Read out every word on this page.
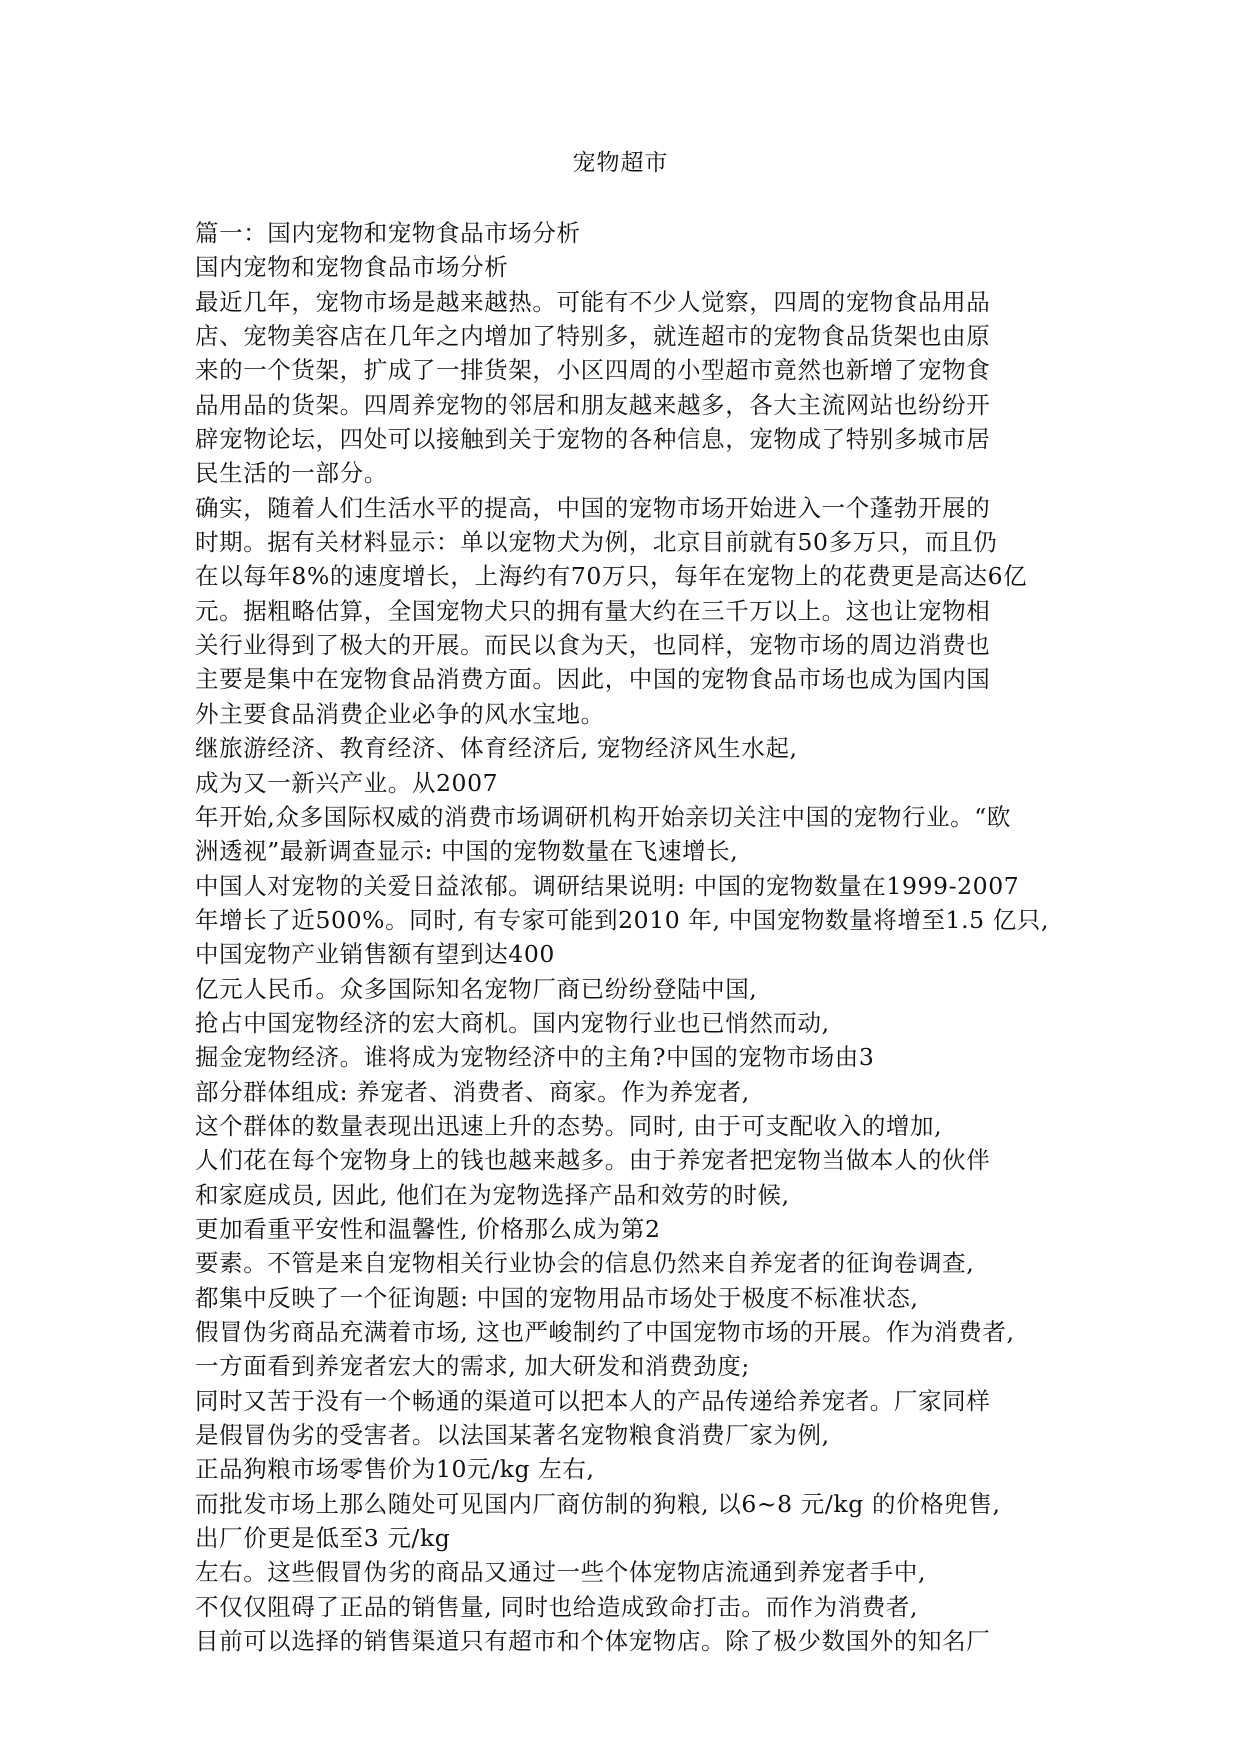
宠物超市
篇一：国内宠物和宠物食品市场分析
国内宠物和宠物食品市场分析
最近几年，宠物市场是越来越热。可能有不少人觉察，四周的宠物食品用品
店、宠物美容店在几年之内增加了特别多，就连超市的宠物食品货架也由原
来的一个货架，扩成了一排货架，小区四周的小型超市竟然也新增了宠物食
品用品的货架。四周养宠物的邻居和朋友越来越多，各大主流网站也纷纷开
辟宠物论坛，四处可以接触到关于宠物的各种信息，宠物成了特别多城市居
民生活的一部分。
确实，随着人们生活水平的提高，中国的宠物市场开始进入一个蓬勃开展的
时期。据有关材料显示：单以宠物犬为例，北京目前就有50多万只，而且仍
在以每年8%的速度增长，上海约有70万只，每年在宠物上的花费更是高达6亿
元。据粗略估算，全国宠物犬只的拥有量大约在三千万以上。这也让宠物相
关行业得到了极大的开展。而民以食为天，也同样，宠物市场的周边消费也
主要是集中在宠物食品消费方面。因此，中国的宠物食品市场也成为国内国
外主要食品消费企业必争的风水宝地。
继旅游经济、教育经济、体育经济后, 宠物经济风生水起,
成为又一新兴产业。从2007
年开始,众多国际权威的消费市场调研机构开始亲切关注中国的宠物行业。“欧
洲透视”最新调查显示: 中国的宠物数量在飞速增长,
中国人对宠物的关爱日益浓郁。调研结果说明: 中国的宠物数量在1999-2007
年增长了近500%。同时, 有专家可能到2010 年, 中国宠物数量将增至1.5 亿只,
中国宠物产业销售额有望到达400
亿元人民币。众多国际知名宠物厂商已纷纷登陆中国,
抢占中国宠物经济的宏大商机。国内宠物行业也已悄然而动,
掘金宠物经济。谁将成为宠物经济中的主角?中国的宠物市场由3
部分群体组成: 养宠者、消费者、商家。作为养宠者,
这个群体的数量表现出迅速上升的态势。同时, 由于可支配收入的增加,
人们花在每个宠物身上的钱也越来越多。由于养宠者把宠物当做本人的伙伴
和家庭成员, 因此, 他们在为宠物选择产品和效劳的时候,
更加看重平安性和温馨性, 价格那么成为第2
要素。不管是来自宠物相关行业协会的信息仍然来自养宠者的征询卷调查,
都集中反映了一个征询题: 中国的宠物用品市场处于极度不标准状态,
假冒伪劣商品充满着市场, 这也严峻制约了中国宠物市场的开展。作为消费者,
一方面看到养宠者宏大的需求, 加大研发和消费劲度;
同时又苦于没有一个畅通的渠道可以把本人的产品传递给养宠者。厂家同样
是假冒伪劣的受害者。以法国某著名宠物粮食消费厂家为例,
正品狗粮市场零售价为10元/kg 左右,
而批发市场上那么随处可见国内厂商仿制的狗粮, 以6~8 元/kg 的价格兜售,
出厂价更是低至3 元/kg
左右。这些假冒伪劣的商品又通过一些个体宠物店流通到养宠者手中,
不仅仅阻碍了正品的销售量, 同时也给造成致命打击。而作为消费者,
目前可以选择的销售渠道只有超市和个体宠物店。除了极少数国外的知名厂
